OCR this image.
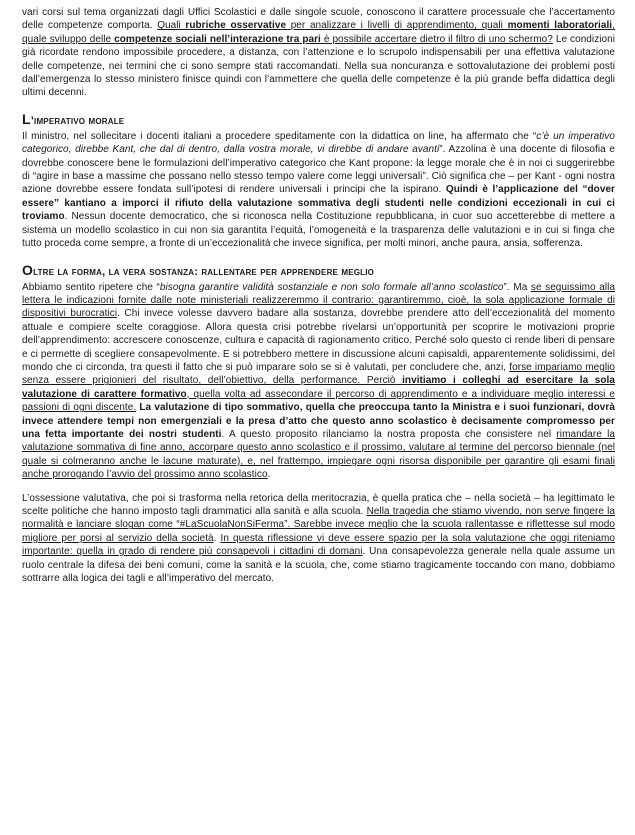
vari corsi sul tema organizzati dagli Uffici Scolastici e dalle singole scuole, conoscono il carattere processuale che l’accertamento delle competenze comporta. Quali rubriche osservative per analizzare i livelli di apprendimento, quali momenti laboratoriali, quale sviluppo delle competenze sociali nell’interazione tra pari è possibile accertare dietro il filtro di uno schermo? Le condizioni già ricordate rendono impossibile procedere, a distanza, con l’attenzione e lo scrupolo indispensabili per una effettiva valutazione delle competenze, nei termini che ci sono sempre stati raccomandati. Nella sua noncuranza e sottovalutazione dei problemi posti dall’emergenza lo stesso ministero finisce quindi con l’ammettere che quella delle competenze è la più grande beffa didattica degli ultimi decenni.

L’imperativo morale

Il ministro, nel sollecitare i docenti italiani a procedere speditamente con la didattica on line, ha affermato che “c’è un imperativo categorico, direbbe Kant, che dal di dentro, dalla vostra morale, vi direbbe di andare avanti”. Azzolina è una docente di filosofia e dovrebbe conoscere bene le formulazioni dell’imperativo categorico che Kant propone: la legge morale che è in noi ci suggerirebbe di “agire in base a massime che possano nello stesso tempo valere come leggi universali”. Ciò significa che – per Kant - ogni nostra azione dovrebbe essere fondata sull’ipotesi di rendere universali i principi che la ispirano. Quindi è l’applicazione del “dover essere” kantiano a imporci il rifiuto della valutazione sommativa degli studenti nelle condizioni eccezionali in cui ci troviamo. Nessun docente democratico, che si riconosca nella Costituzione repubblicana, in cuor suo accetterebbe di mettere a sistema un modello scolastico in cui non sia garantita l’equità, l’omogeneità e la trasparenza delle valutazioni e in cui si finga che tutto proceda come sempre, a fronte di un’eccezionalità che invece significa, per molti minori, anche paura, ansia, sofferenza.

Oltre la forma, la vera sostanza: rallentare per apprendere meglio

Abbiamo sentito ripetere che “bisogna garantire validità sostanziale e non solo formale all’anno scolastico”. Ma se seguissimo alla lettera le indicazioni fornite dalle note ministeriali realizzeremmo il contrario: garantiremmo, cioè, la sola applicazione formale di dispositivi burocratici. Chi invece volesse davvero badare alla sostanza, dovrebbe prendere atto dell’eccezionalità del momento attuale e compiere scelte coraggiose. Allora questa crisi potrebbe rivelarsi un’opportunità per scoprire le motivazioni proprie dell’apprendimento: accrescere conoscenze, cultura e capacità di ragionamento critico. Perché solo questo ci rende liberi di pensare e ci permette di scegliere consapevolmente. E si potrebbero mettere in discussione alcuni capisaldi, apparentemente solidissimi, del mondo che ci circonda, tra questi il fatto che si può imparare solo se si è valutati, per concludere che, anzi, forse impariamo meglio senza essere prigionieri del risultato, dell’obiettivo, della performance. Perciò invitiamo i colleghi ad esercitare la sola valutazione di carattere formativo, quella volta ad assecondare il percorso di apprendimento e a individuare meglio interessi e passioni di ogni discente. La valutazione di tipo sommativo, quella che preoccupa tanto la Ministra e i suoi funzionari, dovrà invece attendere tempi non emergenziali e la presa d’atto che questo anno scolastico è decisamente compromesso per una fetta importante dei nostri studenti. A questo proposito rilanciamo la nostra proposta che consistere nel rimandare la valutazione sommativa di fine anno, accorpare questo anno scolastico e il prossimo, valutare al termine del percorso biennale (nel quale si colmeranno anche le lacune maturate), e, nel frattempo, impiegare ogni risorsa disponibile per garantire gli esami finali anche prorogando l’avvio del prossimo anno scolastico.

L’ossessione valutativa, che poi si trasforma nella retorica della meritocrazia, è quella pratica che – nella società – ha legittimato le scelte politiche che hanno imposto tagli drammatici alla sanità e alla scuola. Nella tragedia che stiamo vivendo, non serve fingere la normalità e lanciare slogan come “#LaScuolaNonSiFerma”. Sarebbe invece meglio che la scuola rallentasse e riflettesse sul modo migliore per porsi al servizio della società. In questa riflessione vi deve essere spazio per la sola valutazione che oggi riteniamo importante: quella in grado di rendere più consapevoli i cittadini di domani. Una consapevolezza generale nella quale assume un ruolo centrale la difesa dei beni comuni, come la sanità e la scuola, che, come stiamo tragicamente toccando con mano, dobbiamo sottrarre alla logica dei tagli e all’imperativo del mercato.
